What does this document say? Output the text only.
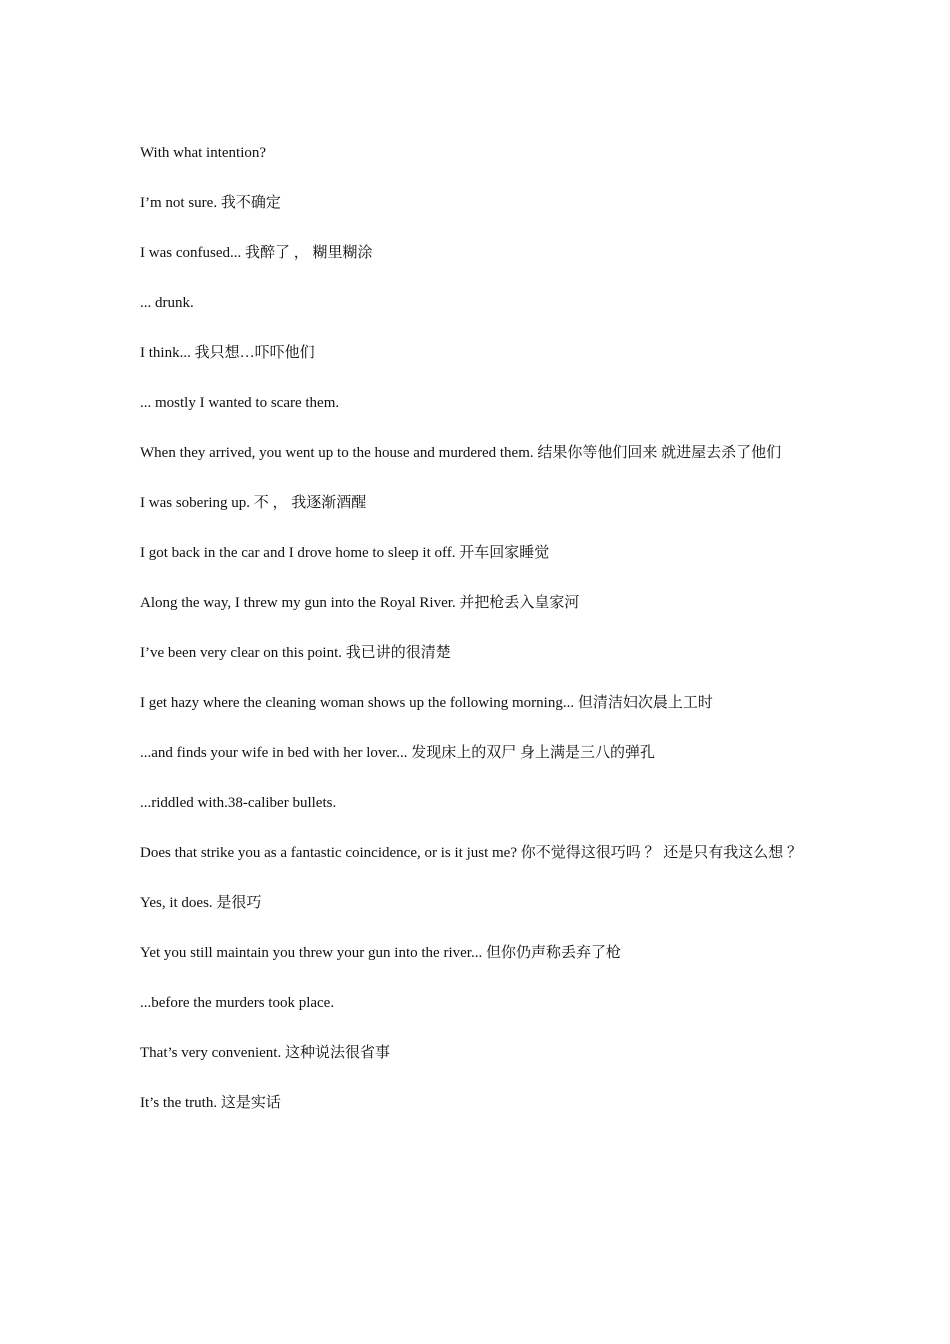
With what intention?

I’m not sure. 我不确定

I was confused... 我醉了 ， 糊里糊涂

... drunk.

I think... 我只想…吓吓他们

... mostly I wanted to scare them.

When they arrived, you went up to the house and murdered them. 结果你等他们回来 就进屋去杀了他们

I was sobering up. 不 ， 我逐渐酒醒

I got back in the car and I drove home to sleep it off. 开车回家睡觉

Along the way, I threw my gun into the Royal River. 并把枪丢入皇家河

I’ve been very clear on this point. 我已讲的很清楚

I get hazy where the cleaning woman shows up the following morning... 但清洁妇次晨上工时

...and finds your wife in bed with her lover... 发现床上的双尸 身上满是三八的弹孔

...riddled with.38-caliber bullets.

Does that strike you as a fantastic coincidence, or is it just me? 你不觉得这很巧吗 ？ 还是只有我这么想 ？

Yes, it does. 是很巧

Yet you still maintain you threw your gun into the river... 但你仍声称丢弃了枪

...before the murders took place.

That’s very convenient. 这种说法很省事

It’s the truth. 这是实话
